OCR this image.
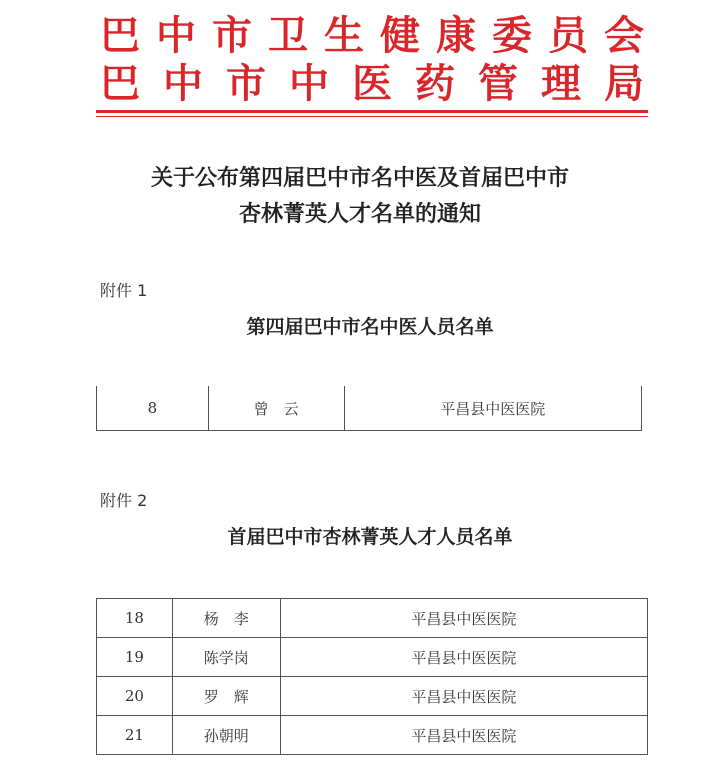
巴 中 市 卫 生 健 康 委 员 会
巴 中 市 中 医 药 管 理 局
关于公布第四届巴中市名中医及首届巴中市
杏林菁英人才名单的通知
附件 1
第四届巴中市名中医人员名单
8	曾　云	平昌县中医医院
附件 2
首届巴中市杏林菁英人才人员名单
18	杨　李	平昌县中医医院
19	陈学岗	平昌县中医医院
20	罗　辉	平昌县中医医院
21	孙朝明	平昌县中医医院
